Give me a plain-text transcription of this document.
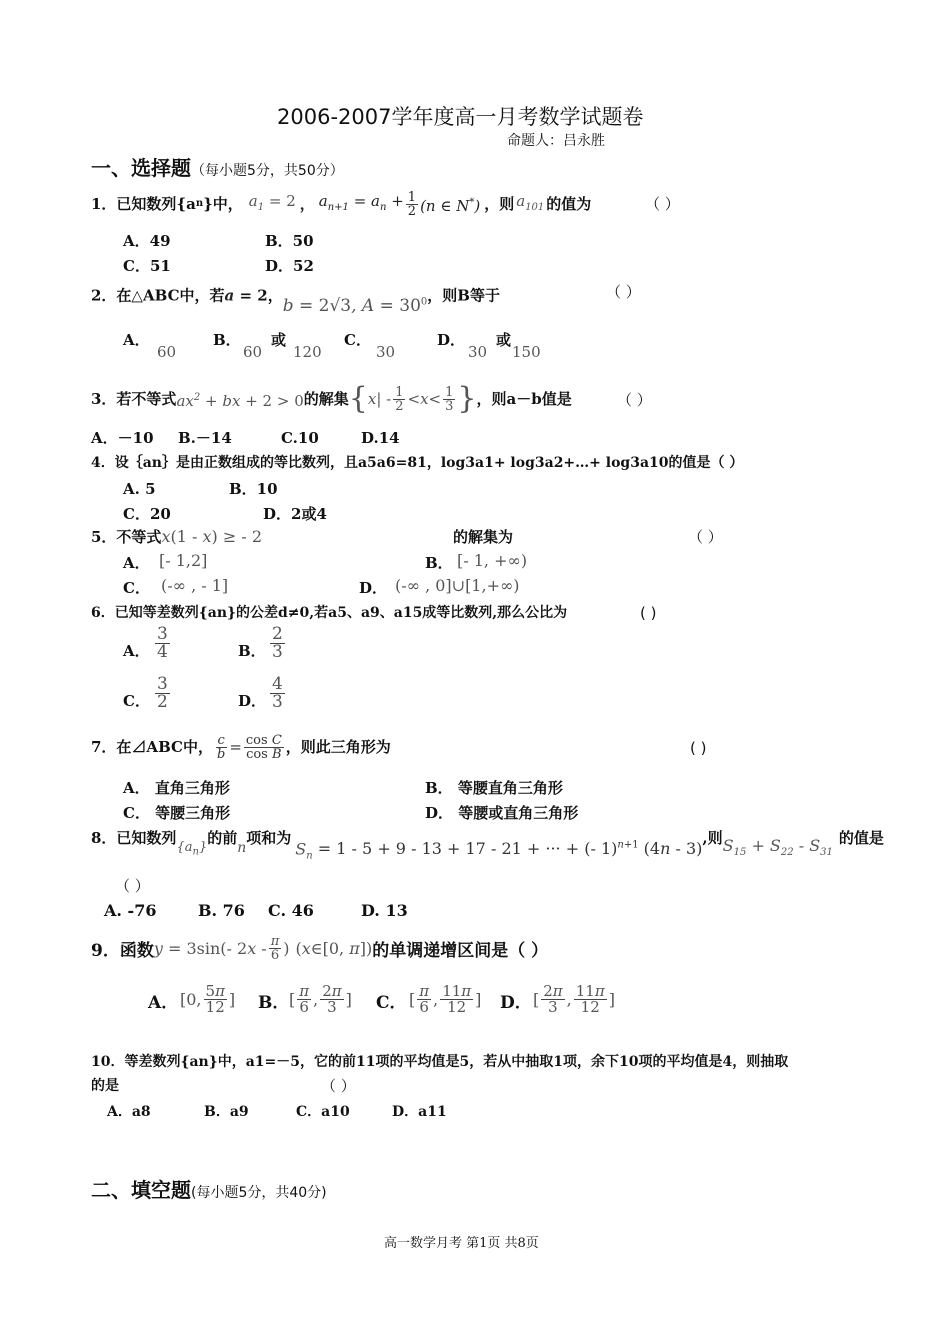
2006-2007学年度高一月考数学试题卷
命题人：吕永胜
一、选择题（每小题5分，共50分）
1．已知数列{a n }中， $a_1 = 2$ ， $a_{n+1} = a_n + \frac{1}{2} (n$ ∈ N*) ，则 $a_{101}$ 的值为	（ ）
A．49	B．50
C．51	D．52
2．在△ABC中，若a = 2，b = 2√3, $A = 30^0$，则B等于	（ ）
A．
60
B．
60
或
120
C．
30
D．
30
或
150
3．若不等式 $ax^2$ + bx + 2 > 0 的解集 { x | - $\frac{1}{2} < x < \frac{1}{3}$ } ，则a－b值是	（ ）
A．－10 B.－14	C.10	D.14
4．设｛an｝是由正数组成的等比数列，且a5a6=81，log3a1+ log3a2+…+ log3a10的值是（ ）
A. 5	B．10
C．20	D．2或4
5．不等式x(1 - x) ≥ - 2	的解集为	（ ）
A． [- 1,2]	B． [- 1, +∞)
C． (-∞ , - 1]	D． (-∞ , 0]∪[1,+∞)
6．已知等差数列{an}的公差d≠0,若a5、a9、a15成等比数列,那么公比为	( )
A． $\frac{3}{4}$	B． $\frac{2}{3}$
C． $\frac{3}{2}$	D． $\frac{4}{3}$
7．在⊿ABC中， $\frac{c}{b} = \frac{\text{cos C}}{\text{cos B}}$ ，则此三角形为	( )
A． 直角三角形	B． 等腰直角三角形
C． 等腰三角形	D． 等腰或直角三角形
8．已知数列
$\{a_n\}$
的前
n
项和为
$S_n = 1 - 5 + 9 - 13 + 17 - 21$ + ··· + (- 1)$^{n+1}$ (4n - 3)
,则 $S_{15} + S_{22} - S_{31}$
的值是
（ ）
A. -76	B. 76 C. 46	D. 13
9．函数 y = 3sin(- $2x - \frac{\pi}{6}$ ) (x∈[0, π]) 的单调递增区间是（ ）
A． [0, $\frac{5\pi}{12}$ ] B． [ $\frac{\pi}{6}$ , $\frac{2\pi}{3}$ ] C． [ $\frac{\pi}{6}$ , $\frac{11\pi}{12}$ ] D． [ $\frac{2\pi}{3}$ , $\frac{11\pi}{12}$ ]
10．等差数列{an}中，a1=－5，它的前11项的平均值是5，若从中抽取1项，余下10项的平均值是4，则抽取
的是	（ ）
A．a8	B．a9	C．a10	D．a11
二、填空题(每小题5分，共40分)
高一数学月考 第1页 共8页
